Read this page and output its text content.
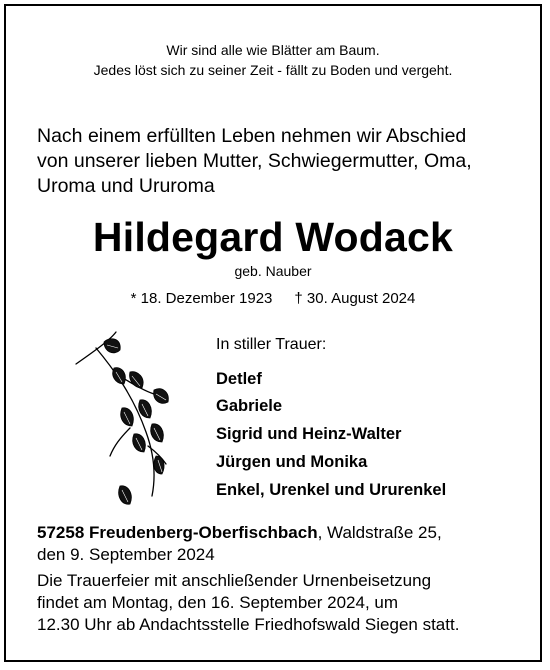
Wir sind alle wie Blätter am Baum.

Jedes löst sich zu seiner Zeit - fällt zu Boden und vergeht.

Nach einem erfüllten Leben nehmen wir Abschied

von unserer lieben Mutter, Schwiegermutter, Oma,

Uroma und Ururoma

Hildegard Wodack

geb. Nauber

* 18. Dezember 1923 † 30. August 2024

In stiller Trauer:

Detlef

Gabriele

Sigrid und Heinz-Walter

Jürgen und Monika

Enkel, Urenkel und Ururenkel

57258 Freudenberg-Oberfischbach, Waldstraße 25,

den 9. September 2024

Die Trauerfeier mit anschließender Urnenbeisetzung

findet am Montag, den 16. September 2024, um

12.30 Uhr ab Andachtsstelle Friedhofswald Siegen statt.
